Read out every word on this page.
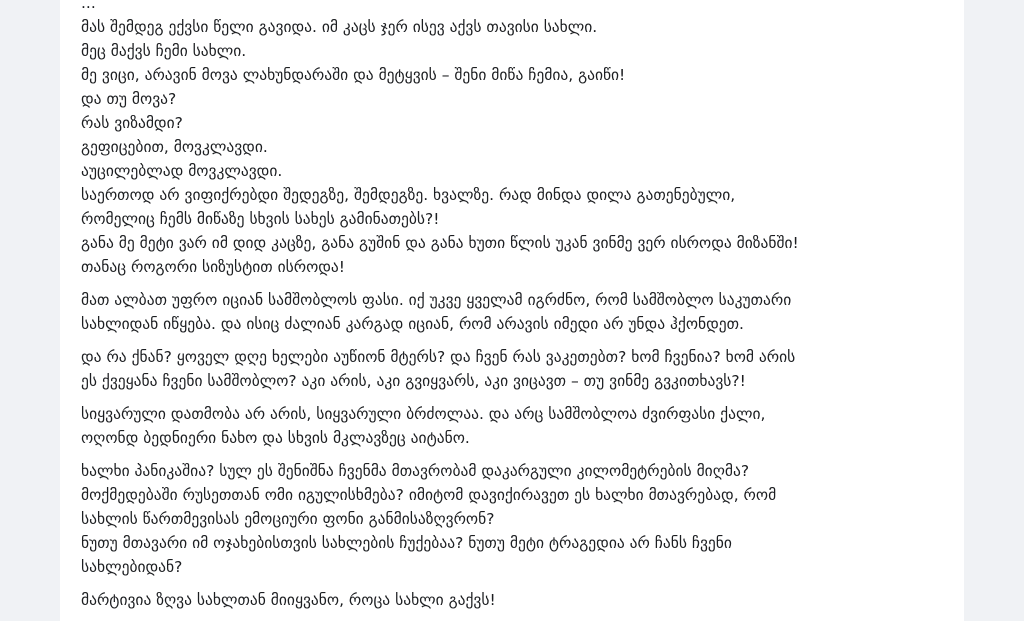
...
მას შემდეგ ექვსი წელი გავიდა. იმ კაცს ჯერ ისევ აქვს თავისი სახლი.
მეც მაქვს ჩემი სახლი.
მე ვიცი, არავინ მოვა ლახუნდარაში და მეტყვის – შენი მიწა ჩემია, გაიწი!
და თუ მოვა?
რას ვიზამდი?
გეფიცებით, მოვკლავდი.
აუცილებლად მოვკლავდი.
საერთოდ არ ვიფიქრებდი შედეგზე, შემდეგზე. ხვალზე. რად მინდა დილა გათენებული,
რომელიც ჩემს მიწაზე სხვის სახეს გამინათებს?!
განა მე მეტი ვარ იმ დიდ კაცზე, განა გუშინ და განა ხუთი წლის უკან ვინმე ვერ ისროდა მიზანში!
თანაც როგორი სიზუსტით ისროდა!

მათ ალბათ უფრო იციან სამშობლოს ფასი. იქ უკვე ყველამ იგრძნო, რომ სამშობლო საკუთარი
სახლიდან იწყება. და ისიც ძალიან კარგად იციან, რომ არავის იმედი არ უნდა ჰქონდეთ.

და რა ქნან? ყოველ დღე ხელები აუწიონ მტერს? და ჩვენ რას ვაკეთებთ? ხომ ჩვენია? ხომ არის
ეს ქვეყანა ჩვენი სამშობლო? აკი არის, აკი გვიყვარს, აკი ვიცავთ – თუ ვინმე გვკითხავს?!

სიყვარული დათმობა არ არის, სიყვარული ბრძოლაა. და არც სამშობლოა ძვირფასი ქალი,
ოღონდ ბედნიერი ნახო და სხვის მკლავზეც აიტანო.

ხალხი პანიკაშია? სულ ეს შენიშნა ჩვენმა მთავრობამ დაკარგული კილომეტრების მიღმა?
მოქმედებაში რუსეთთან ომი იგულისხმება? იმიტომ დავიქირავეთ ეს ხალხი მთავრებად, რომ
სახლის წართმევისას ემოციური ფონი განმისაზღვრონ?
ნუთუ მთავარი იმ ოჯახებისთვის სახლების ჩუქებაა? ნუთუ მეტი ტრაგედია არ ჩანს ჩვენი
სახლებიდან?

მარტივია ზღვა სახლთან მიიყვანო, როცა სახლი გაქვს!
